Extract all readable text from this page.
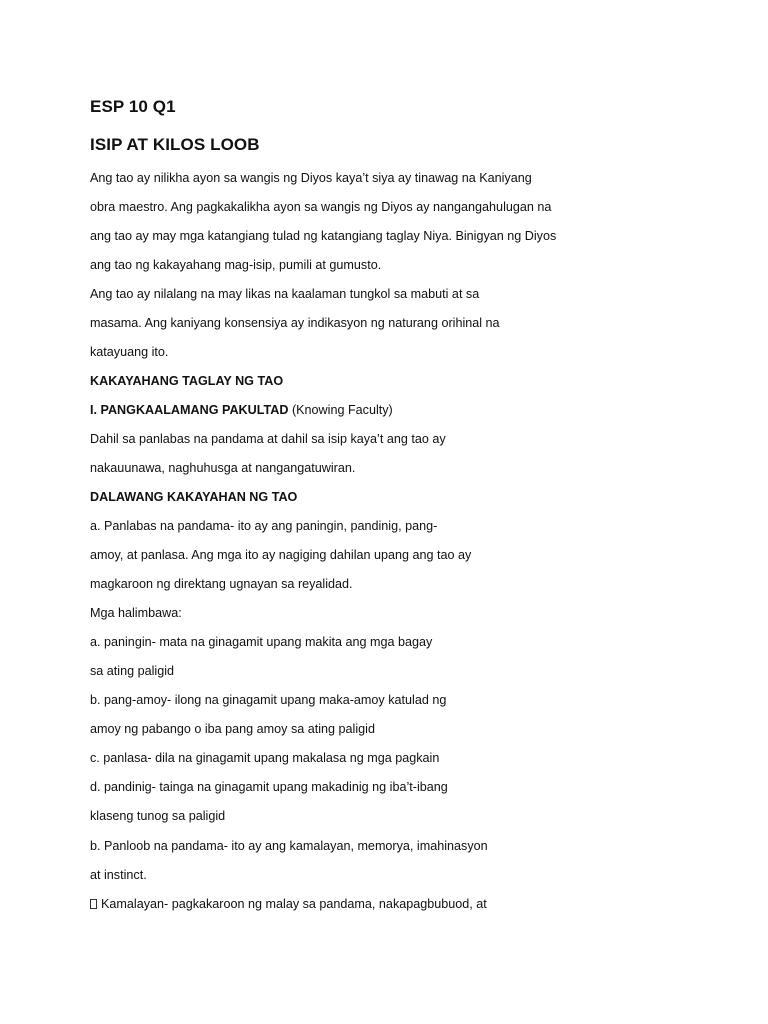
ESP 10 Q1
ISIP AT KILOS LOOB
Ang tao ay nilikha ayon sa wangis ng Diyos kaya’t siya ay tinawag na Kaniyang
obra maestro. Ang pagkakalikha ayon sa wangis ng Diyos ay nangangahulugan na
ang tao ay may mga katangiang tulad ng katangiang taglay Niya. Binigyan ng Diyos
ang tao ng kakayahang mag-isip, pumili at gumusto.
Ang tao ay nilalang na may likas na kaalaman tungkol sa mabuti at sa
masama. Ang kaniyang konsensiya ay indikasyon ng naturang orihinal na
katayuang ito.
KAKAYAHANG TAGLAY NG TAO
I. PANGKAALAMANG PAKULTAD (Knowing Faculty)
Dahil sa panlabas na pandama at dahil sa isip kaya’t ang tao ay
nakauunawa, naghuhusga at nangangatuwiran.
DALAWANG KAKAYAHAN NG TAO
a. Panlabas na pandama- ito ay ang paningin, pandinig, pang-
amoy, at panlasa. Ang mga ito ay nagiging dahilan upang ang tao ay
magkaroon ng direktang ugnayan sa reyalidad.
Mga halimbawa:
a. paningin- mata na ginagamit upang makita ang mga bagay
sa ating paligid
b. pang-amoy- ilong na ginagamit upang maka-amoy katulad ng
amoy ng pabango o iba pang amoy sa ating paligid
c. panlasa- dila na ginagamit upang makalasa ng mga pagkain
d. pandinig- tainga na ginagamit upang makadinig ng iba’t-ibang
klaseng tunog sa paligid
b. Panloob na pandama- ito ay ang kamalayan, memorya, imahinasyon
at instinct.
Kamalayan- pagkakaroon ng malay sa pandama, nakapagbubuod, at
